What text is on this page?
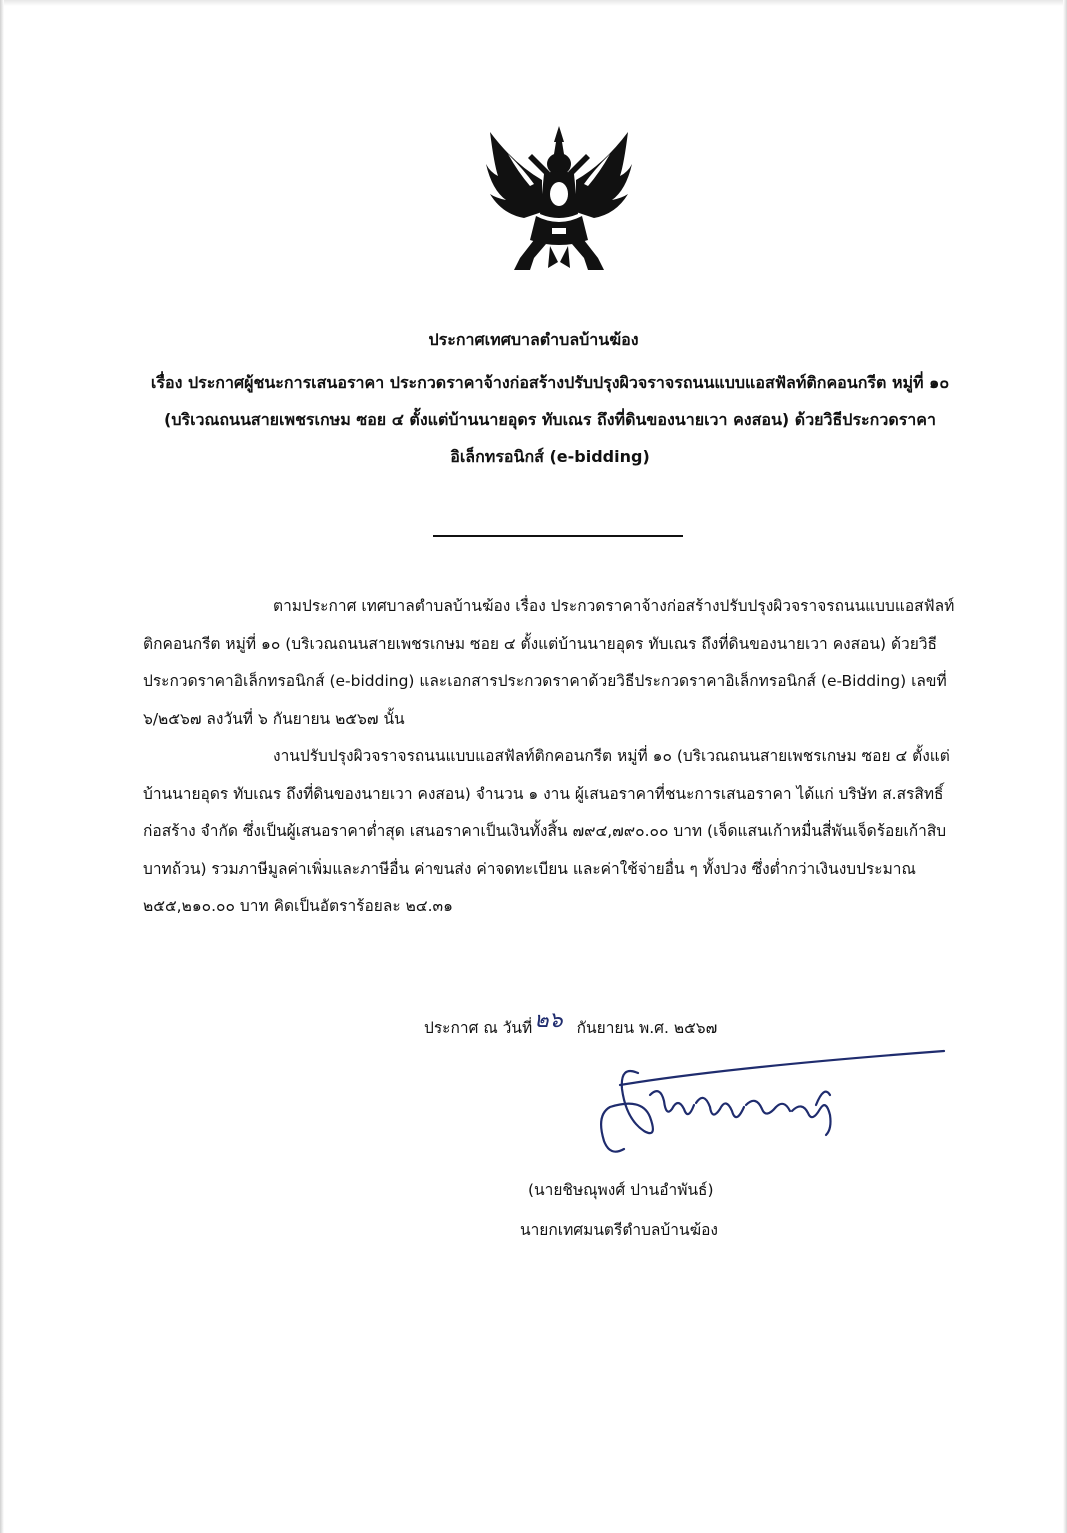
ประกาศเทศบาลตำบลบ้านฆ้อง
เรื่อง ประกาศผู้ชนะการเสนอราคา ประกวดราคาจ้างก่อสร้างปรับปรุงผิวจราจรถนนแบบแอสฟัลท์ติกคอนกรีต หมู่ที่ ๑๐ (บริเวณถนนสายเพชรเกษม ซอย ๔ ตั้งแต่บ้านนายอุดร ทับเณร ถึงที่ดินของนายเวา คงสอน) ด้วยวิธีประกวดราคาอิเล็กทรอนิกส์ (e-bidding)
ตามประกาศ เทศบาลตำบลบ้านฆ้อง เรื่อง ประกวดราคาจ้างก่อสร้างปรับปรุงผิวจราจรถนนแบบแอสฟัลท์ติกคอนกรีต หมู่ที่ ๑๐ (บริเวณถนนสายเพชรเกษม ซอย ๔ ตั้งแต่บ้านนายอุดร ทับเณร ถึงที่ดินของนายเวา คงสอน) ด้วยวิธีประกวดราคาอิเล็กทรอนิกส์ (e-bidding) และเอกสารประกวดราคาด้วยวิธีประกวดราคาอิเล็กทรอนิกส์ (e-Bidding) เลขที่ ๖/๒๕๖๗ ลงวันที่ ๖ กันยายน ๒๕๖๗ นั้น
งานปรับปรุงผิวจราจรถนนแบบแอสฟัลท์ติกคอนกรีต หมู่ที่ ๑๐ (บริเวณถนนสายเพชรเกษม ซอย ๔ ตั้งแต่บ้านนายอุดร ทับเณร ถึงที่ดินของนายเวา คงสอน) จำนวน ๑ งาน ผู้เสนอราคาที่ชนะการเสนอราคา ได้แก่ บริษัท ส.สรสิทธิ์ ก่อสร้าง จำกัด ซึ่งเป็นผู้เสนอราคาต่ำสุด เสนอราคาเป็นเงินทั้งสิ้น ๗๙๔,๗๙๐.๐๐ บาท (เจ็ดแสนเก้าหมื่นสี่พันเจ็ดร้อยเก้าสิบบาทถ้วน) รวมภาษีมูลค่าเพิ่มและภาษีอื่น ค่าขนส่ง ค่าจดทะเบียน และค่าใช้จ่ายอื่น ๆ ทั้งปวง ซึ่งต่ำกว่าเงินงบประมาณ ๒๕๕,๒๑๐.๐๐ บาท คิดเป็นอัตราร้อยละ ๒๔.๓๑
ประกาศ ณ วันที่๒๖ กันยายน พ.ศ. ๒๕๖๗
(นายชิษณุพงศ์ ปานอำพันธ์)
นายกเทศมนตรีตำบลบ้านฆ้อง
